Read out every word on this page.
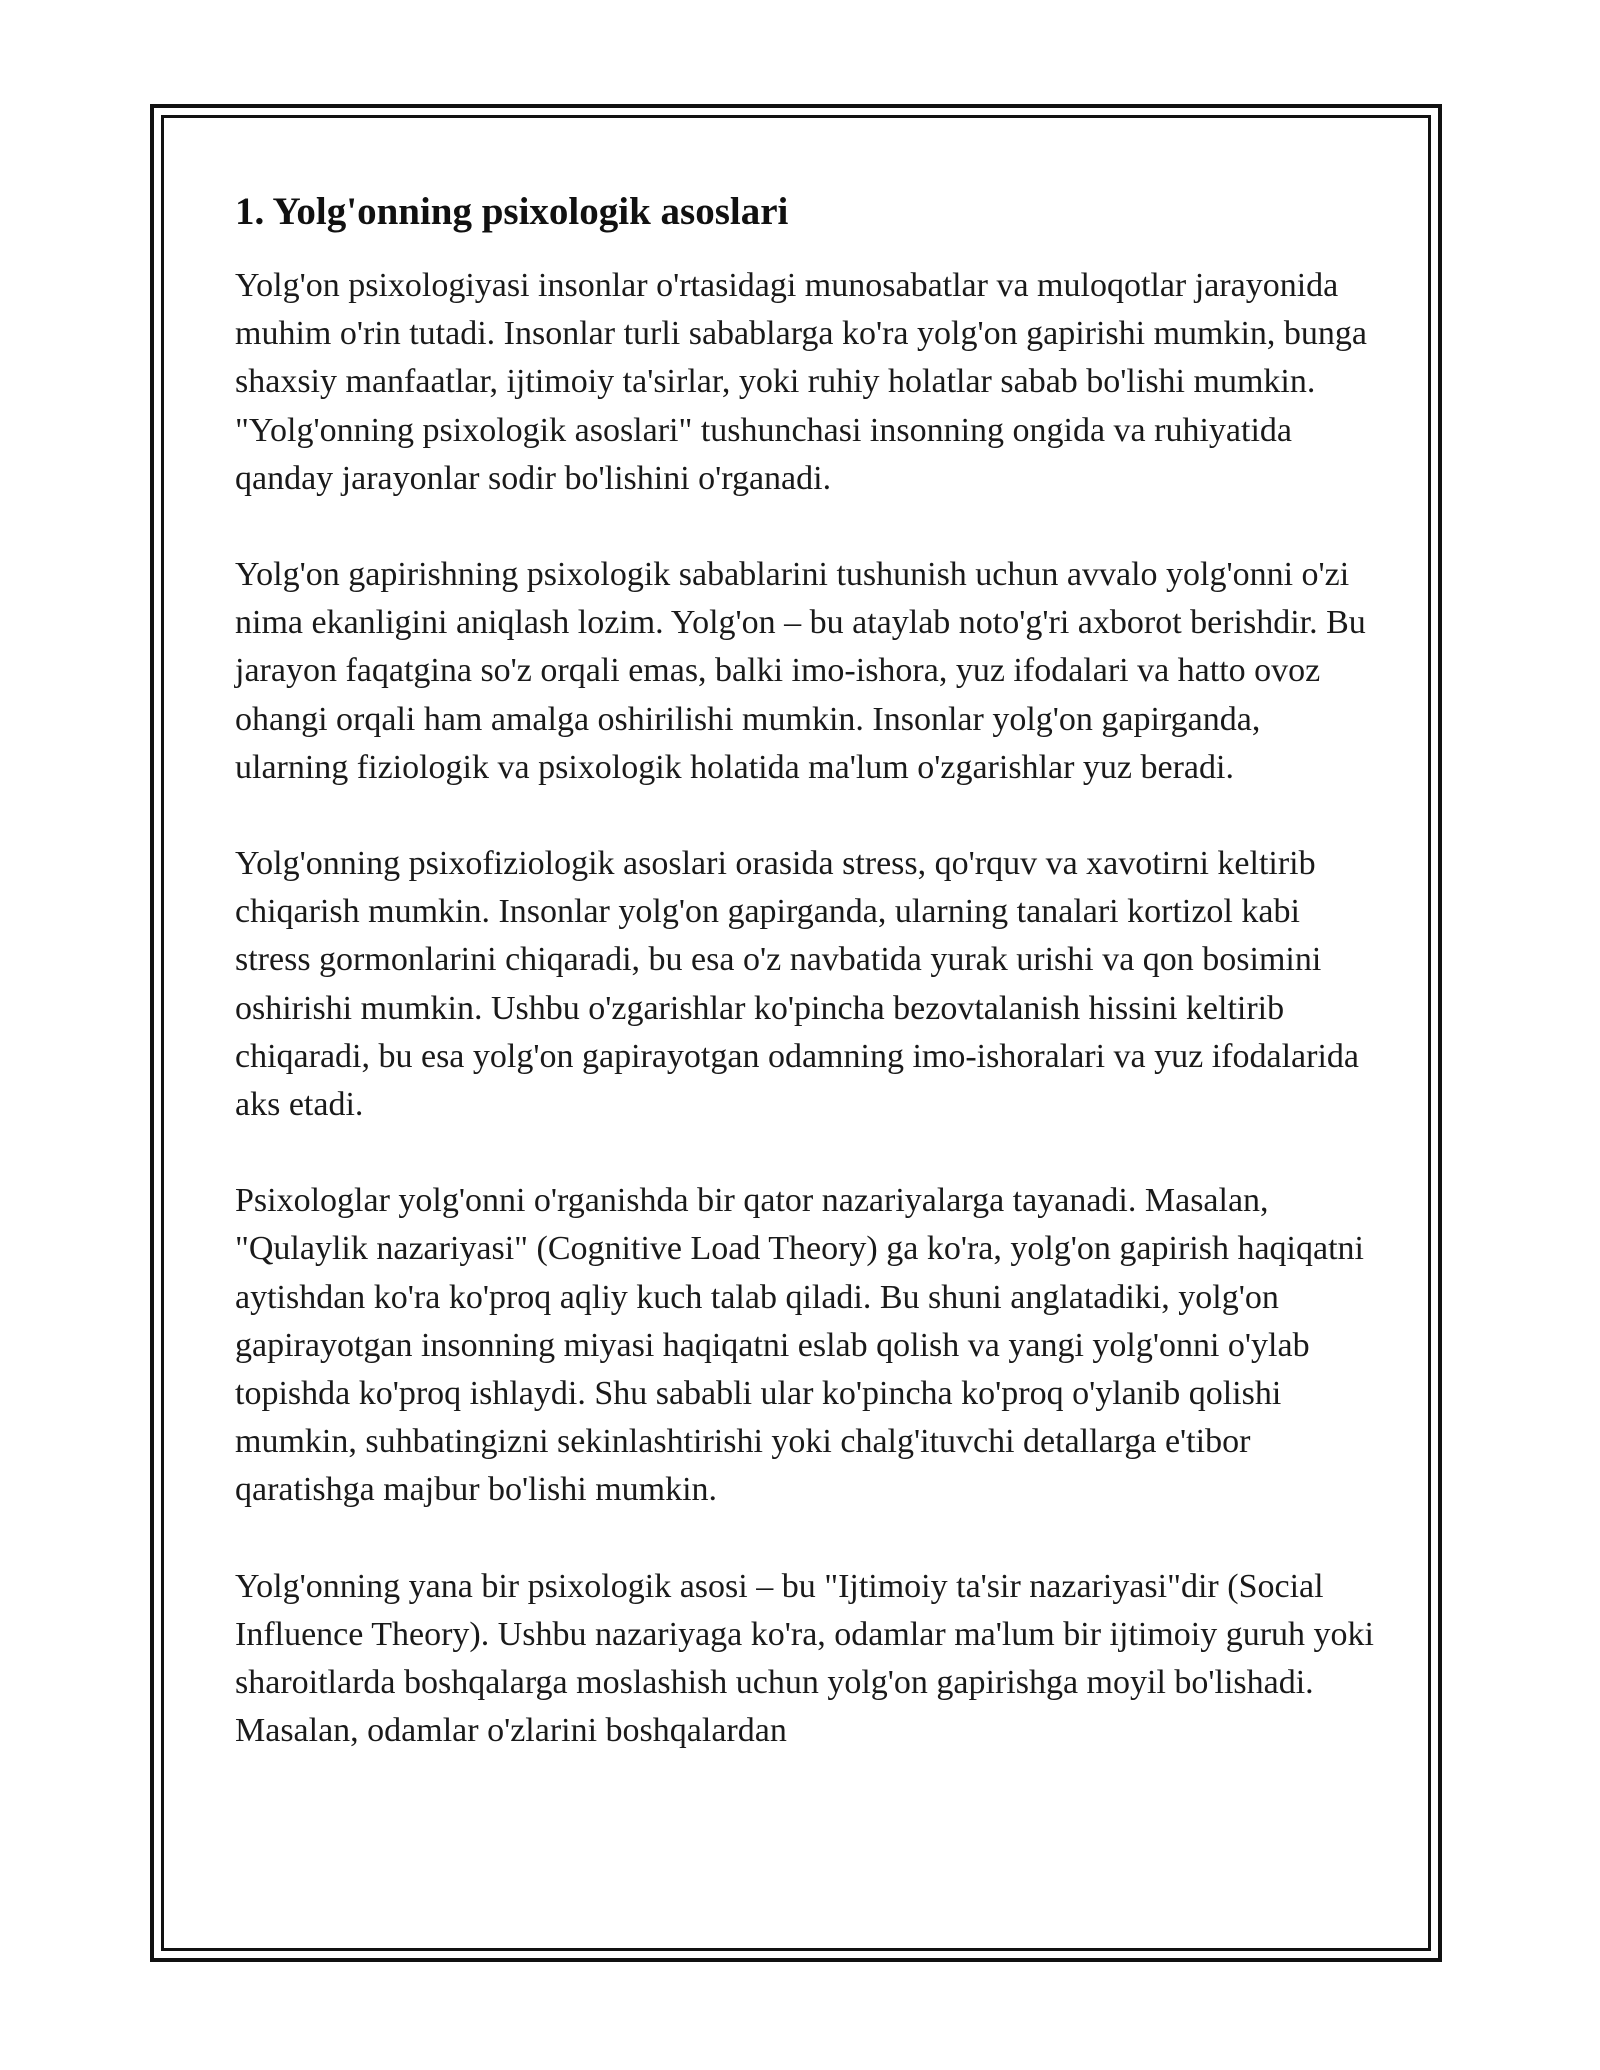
1. Yolg'onning psixologik asoslari

Yolg'on psixologiyasi insonlar o'rtasidagi munosabatlar va muloqotlar jarayonida muhim o'rin tutadi. Insonlar turli sabablarga ko'ra yolg'on gapirishi mumkin, bunga shaxsiy manfaatlar, ijtimoiy ta'sirlar, yoki ruhiy holatlar sabab bo'lishi mumkin. "Yolg'onning psixologik asoslari" tushunchasi insonning ongida va ruhiyatida qanday jarayonlar sodir bo'lishini o'rganadi.

Yolg'on gapirishning psixologik sabablarini tushunish uchun avvalo yolg'onni o'zi nima ekanligini aniqlash lozim. Yolg'on – bu ataylab noto'g'ri axborot berishdir. Bu jarayon faqatgina so'z orqali emas, balki imo-ishora, yuz ifodalari va hatto ovoz ohangi orqali ham amalga oshirilishi mumkin. Insonlar yolg'on gapirganda, ularning fiziologik va psixologik holatida ma'lum o'zgarishlar yuz beradi.

Yolg'onning psixofiziologik asoslari orasida stress, qo'rquv va xavotirni keltirib chiqarish mumkin. Insonlar yolg'on gapirganda, ularning tanalari kortizol kabi stress gormonlarini chiqaradi, bu esa o'z navbatida yurak urishi va qon bosimini oshirishi mumkin. Ushbu o'zgarishlar ko'pincha bezovtalanish hissini keltirib chiqaradi, bu esa yolg'on gapirayotgan odamning imo-ishoralari va yuz ifodalarida aks etadi.

Psixologlar yolg'onni o'rganishda bir qator nazariyalarga tayanadi. Masalan, "Qulaylik nazariyasi" (Cognitive Load Theory) ga ko'ra, yolg'on gapirish haqiqatni aytishdan ko'ra ko'proq aqliy kuch talab qiladi. Bu shuni anglatadiki, yolg'on gapirayotgan insonning miyasi haqiqatni eslab qolish va yangi yolg'onni o'ylab topishda ko'proq ishlaydi. Shu sababli ular ko'pincha ko'proq o'ylanib qolishi mumkin, suhbatingizni sekinlashtirishi yoki chalg'ituvchi detallarga e'tibor qaratishga majbur bo'lishi mumkin.

Yolg'onning yana bir psixologik asosi – bu "Ijtimoiy ta'sir nazariyasi"dir (Social Influence Theory). Ushbu nazariyaga ko'ra, odamlar ma'lum bir ijtimoiy guruh yoki sharoitlarda boshqalarga moslashish uchun yolg'on gapirishga moyil bo'lishadi. Masalan, odamlar o'zlarini boshqalardan
